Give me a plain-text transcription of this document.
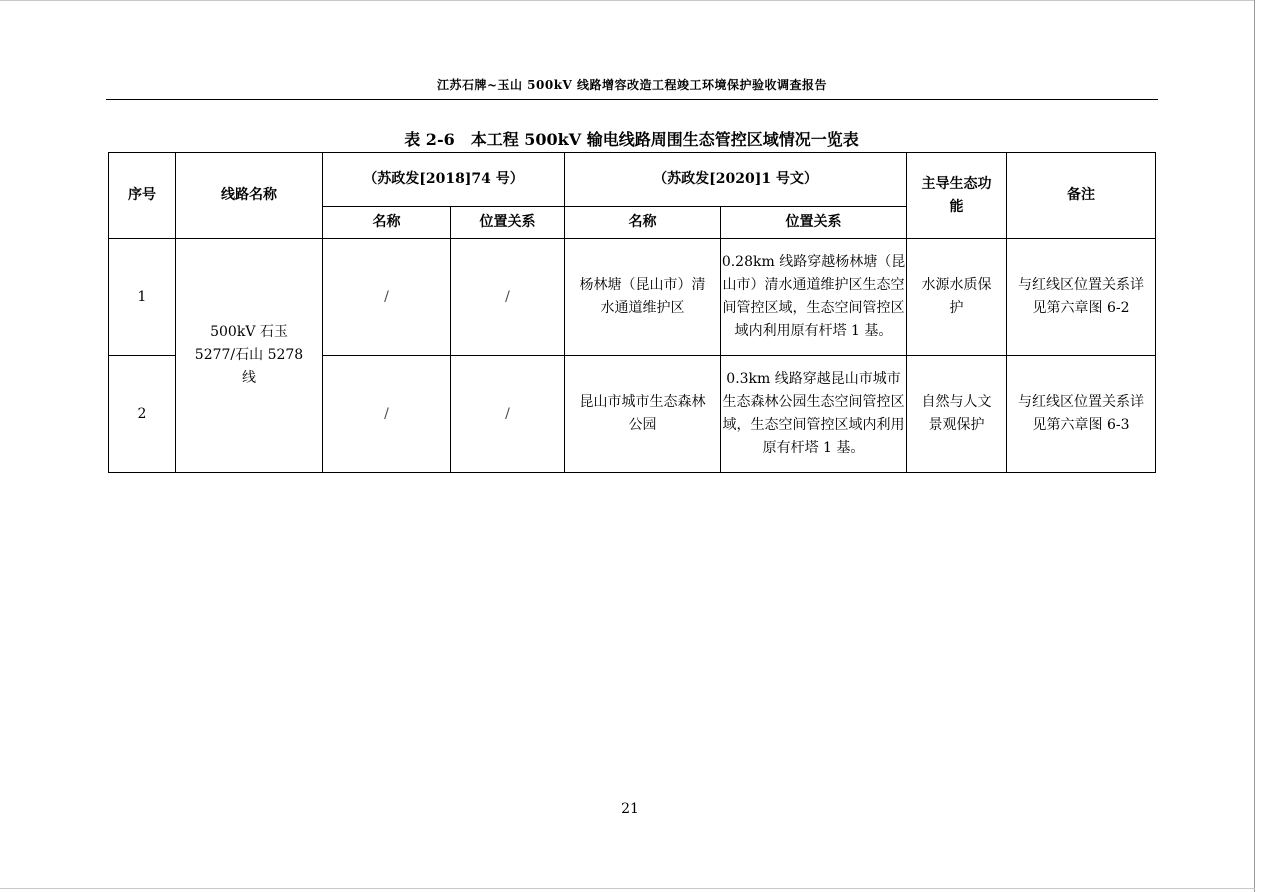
江苏石牌~玉山 500kV 线路增容改造工程竣工环境保护验收调查报告
表 2-6　本工程 500kV 输电线路周围生态管控区域情况一览表
序号	线路名称	（苏政发[2018]74 号）		（苏政发[2020]1 号文）		主导生态功能	备注
		名称	位置关系	名称	位置关系		
1	500kV 石玉 5277/石山 5278 线	/	/	杨林塘（昆山市）清水通道维护区	0.28km 线路穿越杨林塘（昆山市）清水通道维护区生态空间管控区域，生态空间管控区域内利用原有杆塔 1 基。	水源水质保护	与红线区位置关系详见第六章图 6-2
2		/	/	昆山市城市生态森林公园	0.3km 线路穿越昆山市城市生态森林公园生态空间管控区域，生态空间管控区域内利用原有杆塔 1 基。	自然与人文景观保护	与红线区位置关系详见第六章图 6-3
21
